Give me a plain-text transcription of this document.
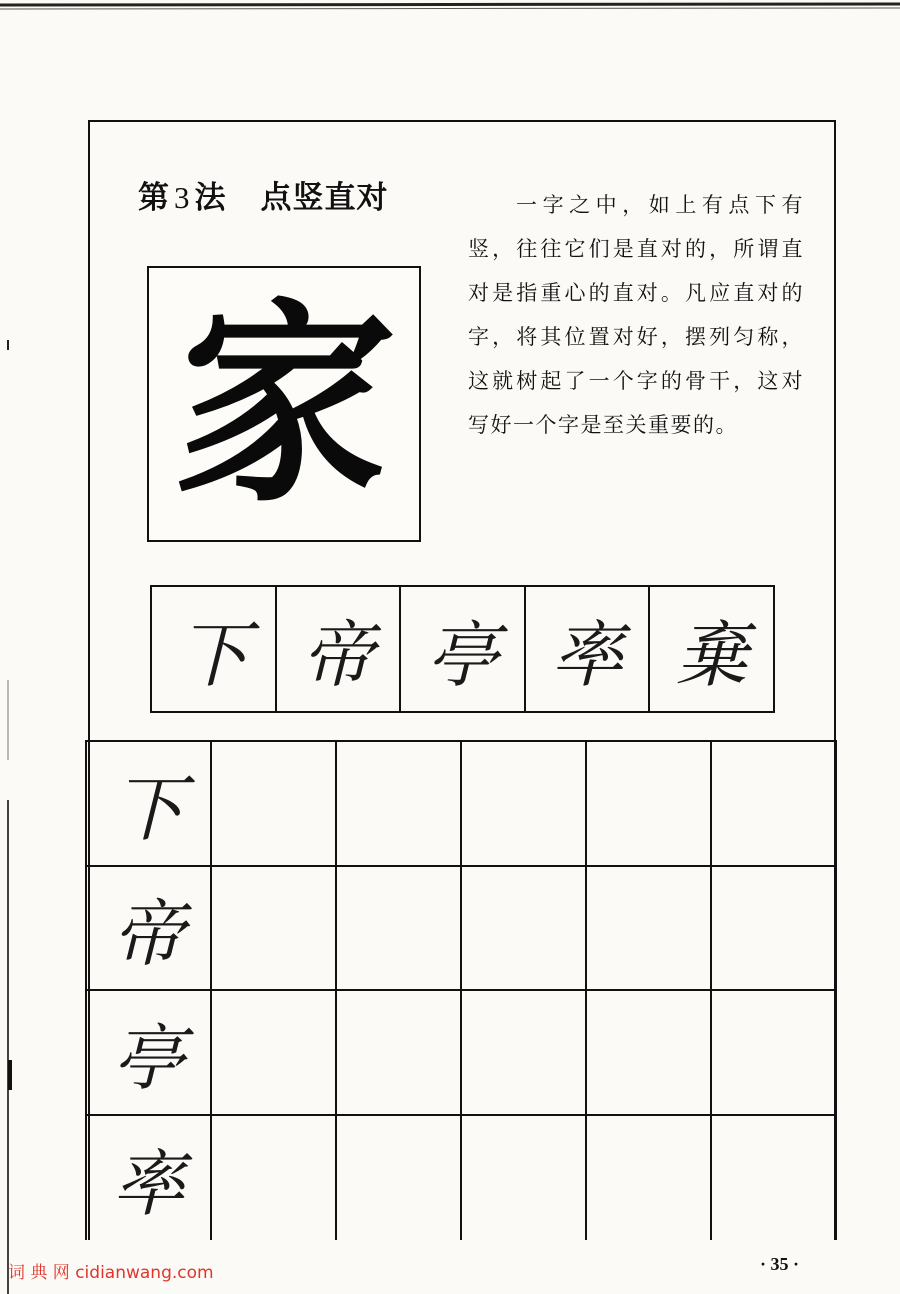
第 3 法 点竖直对	一字之中，如上有点下有竖，往往它们是直对的，所谓直对是指重心的直对。凡应直对的字，将其位置对好，摆列匀称，这就树起了一个字的骨干，这对写好一个字是至关重要的。
家
下 帝 亭 率 棄
下
帝
亭
率
词 典 网 cidianwang.com	· 35 ·
